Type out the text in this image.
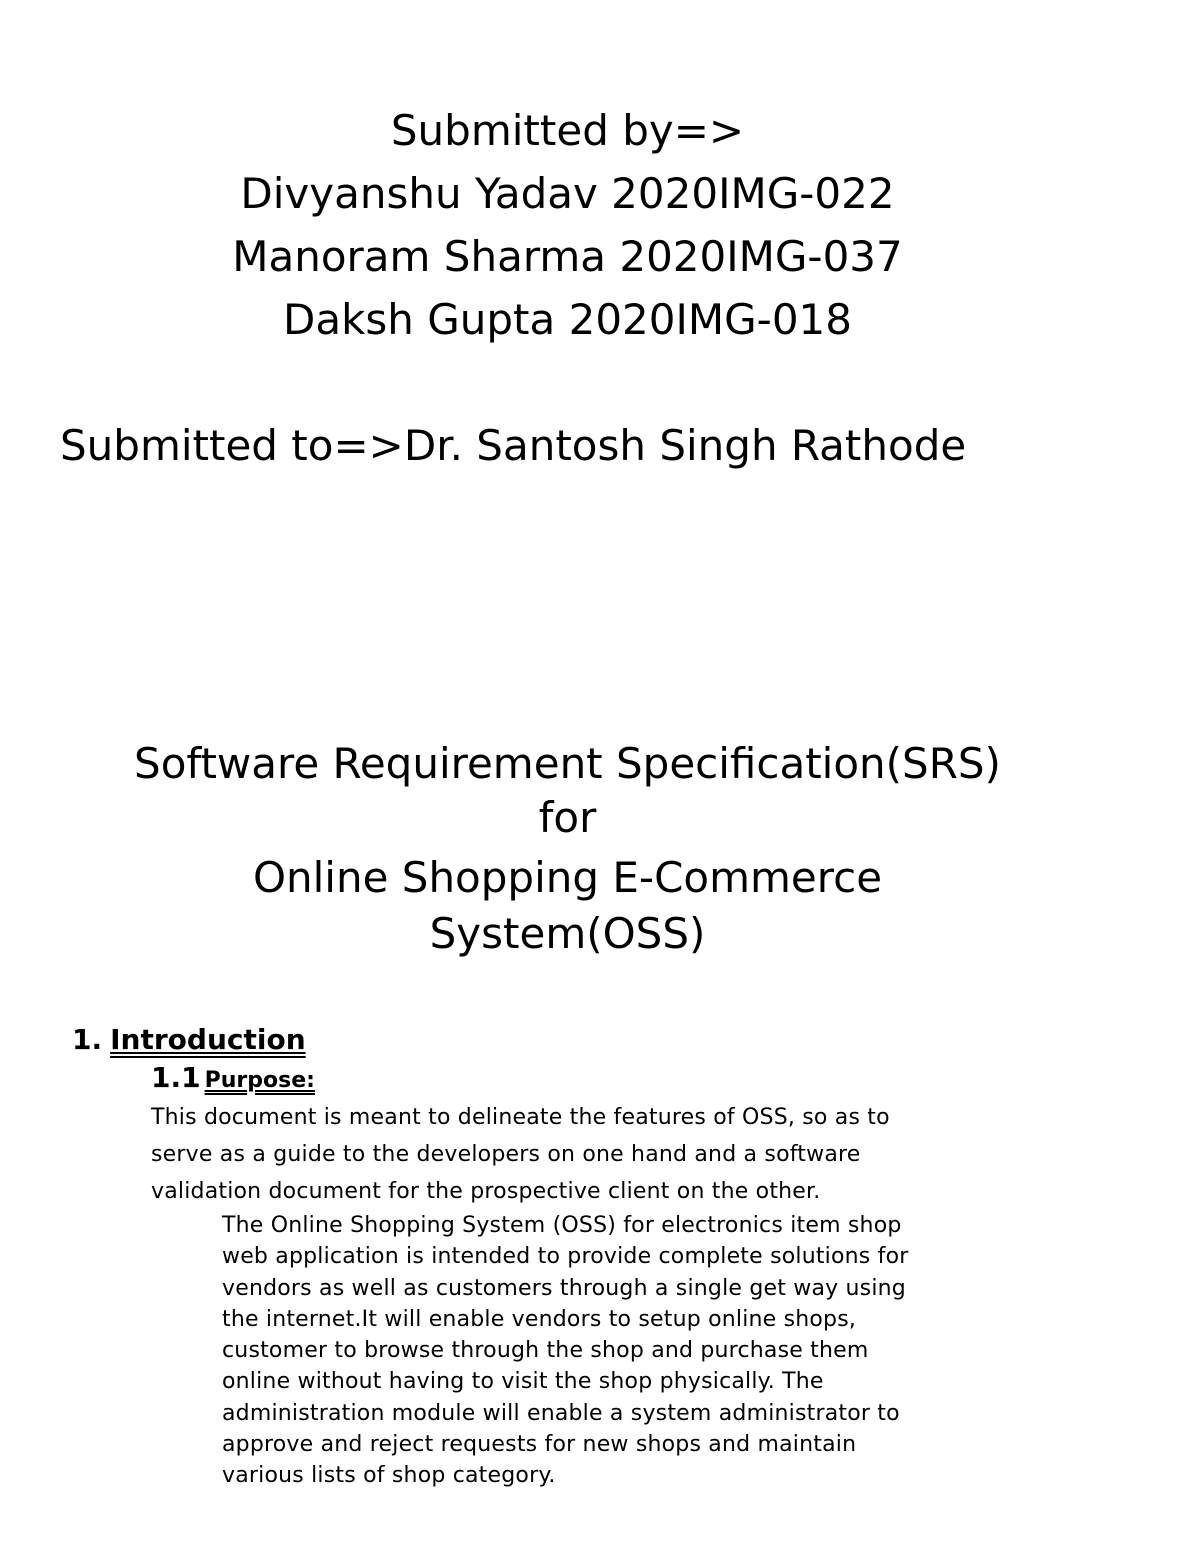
Submitted by=>
Divyanshu Yadav 2020IMG-022
Manoram Sharma 2020IMG-037
Daksh Gupta 2020IMG-018
Submitted to=>Dr. Santosh Singh Rathode
Software Requirement Specification(SRS)
for
Online Shopping E-Commerce
System(OSS)
1. Introduction
1.1 Purpose:
This document is meant to delineate the features of OSS, so as to
serve as a guide to the developers on one hand and a software
validation document for the prospective client on the other.
The Online Shopping System (OSS) for electronics item shop
web application is intended to provide complete solutions for
vendors as well as customers through a single get way using
the internet.It will enable vendors to setup online shops,
customer to browse through the shop and purchase them
online without having to visit the shop physically. The
administration module will enable a system administrator to
approve and reject requests for new shops and maintain
various lists of shop category.
